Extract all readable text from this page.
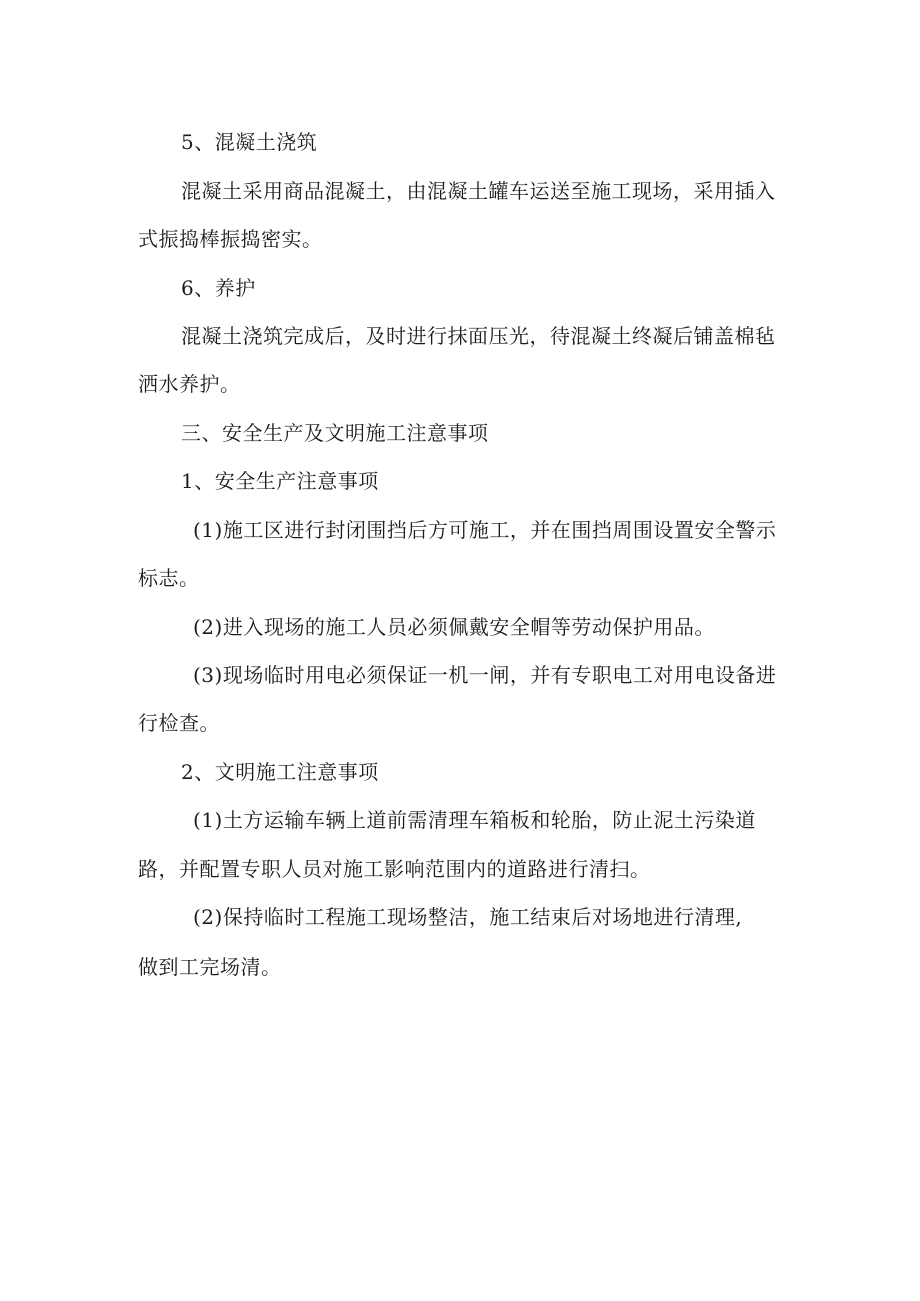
5、混凝土浇筑

混凝土采用商品混凝土，由混凝土罐车运送至施工现场，采用插入

式振捣棒振捣密实。

6、养护

混凝土浇筑完成后，及时进行抹面压光，待混凝土终凝后铺盖棉毡

洒水养护。

三、安全生产及文明施工注意事项

1、安全生产注意事项

(1)施工区进行封闭围挡后方可施工，并在围挡周围设置安全警示

标志。

(2)进入现场的施工人员必须佩戴安全帽等劳动保护用品。

(3)现场临时用电必须保证一机一闸，并有专职电工对用电设备进

行检查。

2、文明施工注意事项

(1)土方运输车辆上道前需清理车箱板和轮胎，防止泥土污染道

路，并配置专职人员对施工影响范围内的道路进行清扫。

(2)保持临时工程施工现场整洁，施工结束后对场地进行清理,

做到工完场清。
